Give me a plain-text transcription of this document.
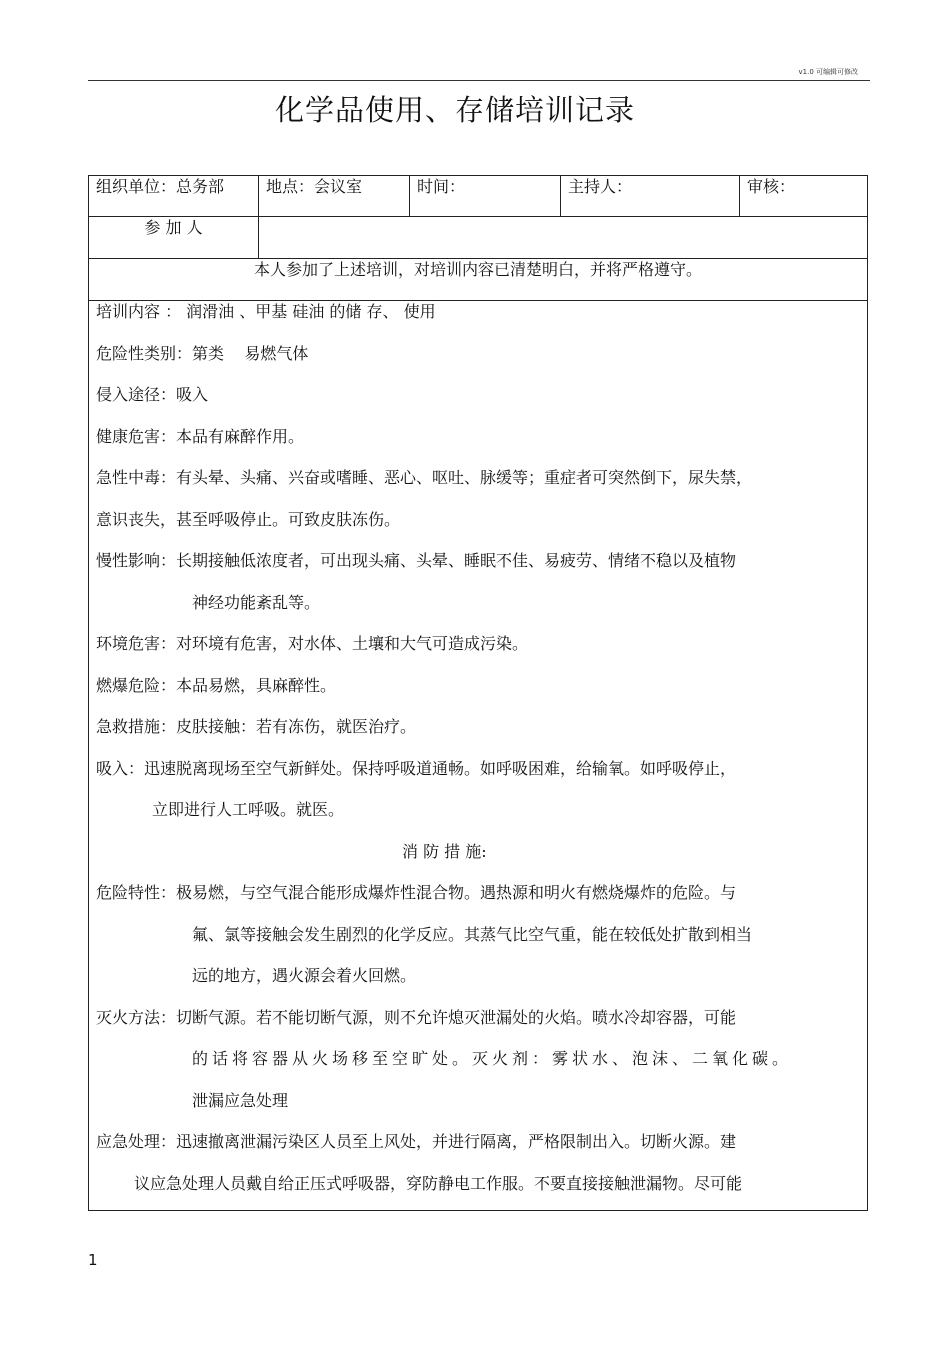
v1.0 可编辑可修改
化学品使用、存储培训记录
组织单位：总务部	地点：会议室	时间：	主持人：	审核：
参 加 人
本人参加了上述培训，对培训内容已清楚明白，并将严格遵守。
培训内容 ： 润滑油 、甲基 硅油 的储 存、 使用
危险性类别：第类    易燃气体
侵入途径：吸入
健康危害：本品有麻醉作用。
急性中毒：有头晕、头痛、兴奋或嗜睡、恶心、呕吐、脉缓等；重症者可突然倒下，尿失禁，
意识丧失，甚至呼吸停止。可致皮肤冻伤。
慢性影响：长期接触低浓度者，可出现头痛、头晕、睡眠不佳、易疲劳、情绪不稳以及植物
神经功能紊乱等。
环境危害：对环境有危害，对水体、土壤和大气可造成污染。
燃爆危险：本品易燃，具麻醉性。
急救措施：皮肤接触：若有冻伤，就医治疗。
吸入：迅速脱离现场至空气新鲜处。保持呼吸道通畅。如呼吸困难，给输氧。如呼吸停止，
立即进行人工呼吸。就医。
消 防 措 施:
危险特性：极易燃，与空气混合能形成爆炸性混合物。遇热源和明火有燃烧爆炸的危险。与
氟、氯等接触会发生剧烈的化学反应。其蒸气比空气重，能在较低处扩散到相当
远的地方，遇火源会着火回燃。
灭火方法：切断气源。若不能切断气源，则不允许熄灭泄漏处的火焰。喷水冷却容器，可能
的话将容器从火场移至空旷处。灭火剂：雾状水、泡沫、二氧化碳。
泄漏应急处理
应急处理：迅速撤离泄漏污染区人员至上风处，并进行隔离，严格限制出入。切断火源。建
议应急处理人员戴自给正压式呼吸器，穿防静电工作服。不要直接接触泄漏物。尽可能
1
